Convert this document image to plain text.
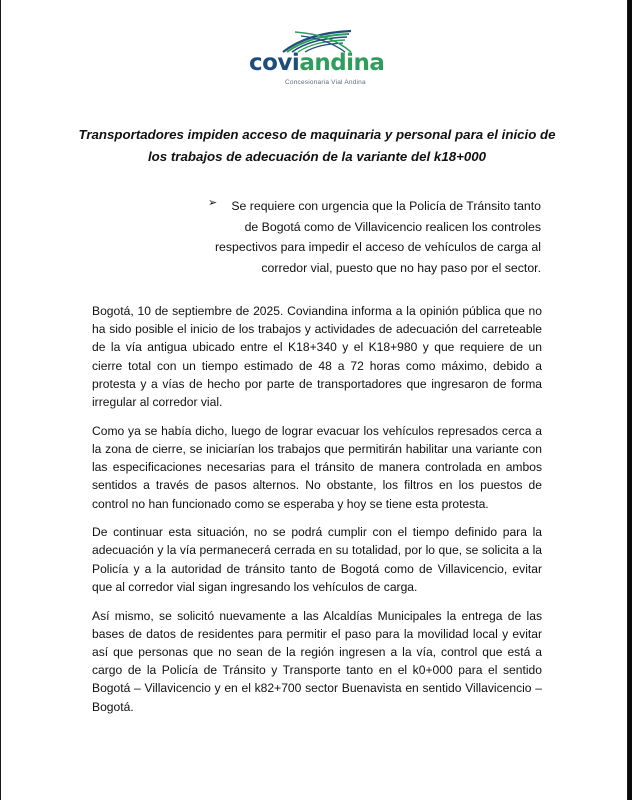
coviandina
Concesionaria Vial Andina
Transportadores impiden acceso de maquinaria y personal para el inicio de los trabajos de adecuación de la variante del k18+000
➢	Se requiere con urgencia que la Policía de Tránsito tanto de Bogotá como de Villavicencio realicen los controles respectivos para impedir el acceso de vehículos de carga al corredor vial, puesto que no hay paso por el sector.

Bogotá, 10 de septiembre de 2025. Coviandina informa a la opinión pública que no ha sido posible el inicio de los trabajos y actividades de adecuación del carreteable de la vía antigua ubicado entre el K18+340 y el K18+980 y que requiere de un cierre total con un tiempo estimado de 48 a 72 horas como máximo, debido a protesta y a vías de hecho por parte de transportadores que ingresaron de forma irregular al corredor vial.

Como ya se había dicho, luego de lograr evacuar los vehículos represados cerca a la zona de cierre, se iniciarían los trabajos que permitirán habilitar una variante con las especificaciones necesarias para el tránsito de manera controlada en ambos sentidos a través de pasos alternos. No obstante, los filtros en los puestos de control no han funcionado como se esperaba y hoy se tiene esta protesta.

De continuar esta situación, no se podrá cumplir con el tiempo definido para la adecuación y la vía permanecerá cerrada en su totalidad, por lo que, se solicita a la Policía y a la autoridad de tránsito tanto de Bogotá como de Villavicencio, evitar que al corredor vial sigan ingresando los vehículos de carga.

Así mismo, se solicitó nuevamente a las Alcaldías Municipales la entrega de las bases de datos de residentes para permitir el paso para la movilidad local y evitar así que personas que no sean de la región ingresen a la vía, control que está a cargo de la Policía de Tránsito y Transporte tanto en el k0+000 para el sentido Bogotá – Villavicencio y en el k82+700 sector Buenavista en sentido Villavicencio – Bogotá.
